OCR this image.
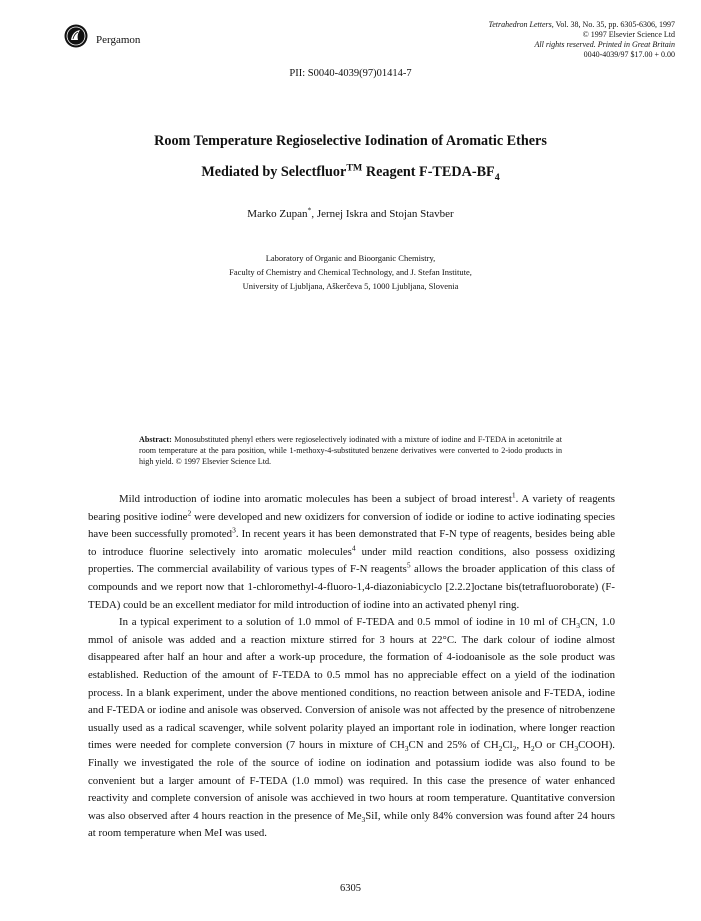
Pergamon
Tetrahedron Letters, Vol. 38, No. 35, pp. 6305-6306, 1997
© 1997 Elsevier Science Ltd
All rights reserved. Printed in Great Britain
0040-4039/97 $17.00 + 0.00
PII: S0040-4039(97)01414-7
Room Temperature Regioselective Iodination of Aromatic Ethers
Mediated by Selectfluor™ Reagent $F-TEDA-BF_4$
Marko Zupan*, Jernej Iskra and Stojan Stavber
Laboratory of Organic and Bioorganic Chemistry,
Faculty of Chemistry and Chemical Technology, and J. Stefan Institute,
University of Ljubljana, Aškerčeva 5, 1000 Ljubljana, Slovenia
Abstract: Monosubstituted phenyl ethers were regioselectively iodinated with a mixture of iodine and F-TEDA in acetonitrile at room temperature at the para position, while 1-methoxy-4-substituted benzene derivatives were converted to 2-iodo products in high yield. © 1997 Elsevier Science Ltd.

Mild introduction of iodine into aromatic molecules has been a subject of broad interest$^1$. A variety of reagents bearing positive iodine$^2$ were developed and new oxidizers for conversion of iodide or iodine to active iodinating species have been successfully promoted$^3$. In recent years it has been demonstrated that F-N type of reagents, besides being able to introduce fluorine selectively into aromatic molecules$^4$ under mild reaction conditions, also possess oxidizing properties. The commercial availability of various types of F-N reagents$^5$ allows the broader application of this class of compounds and we report now that 1-chloromethyl-4-fluoro-1,4-diazoniabicyclo [2.2.2]octane bis(tetrafluoroborate) (F-TEDA) could be an excellent mediator for mild introduction of iodine into an activated phenyl ring.

In a typical experiment to a solution of 1.0 mmol of F-TEDA and 0.5 mmol of iodine in 10 ml of $CH_3CN$, 1.0 mmol of anisole was added and a reaction mixture stirred for 3 hours at 22°C. The dark colour of iodine almost disappeared after half an hour and after a work-up procedure, the formation of 4-iodoanisole as the sole product was established. Reduction of the amount of F-TEDA to 0.5 mmol has no appreciable effect on a yield of the iodination process. In a blank experiment, under the above mentioned conditions, no reaction between anisole and F-TEDA, iodine and F-TEDA or iodine and anisole was observed. Conversion of anisole was not affected by the presence of nitrobenzene usually used as a radical scavenger, while solvent polarity played an important role in iodination, where longer reaction times were needed for complete conversion (7 hours in mixture of $CH_3CN$ and 25% of $CH_2Cl_2$, $H_2O$ or $CH_3COOH$). Finally we investigated the role of the source of iodine on iodination and potassium iodide was also found to be convenient but a larger amount of F-TEDA (1.0 mmol) was required. In this case the presence of water enhanced reactivity and complete conversion of anisole was acchieved in two hours at room temperature. Quantitative conversion was also observed after 4 hours reaction in the presence of $Me_3SiI$, while only 84% conversion was found after 24 hours at room temperature when MeI was used.

6305
